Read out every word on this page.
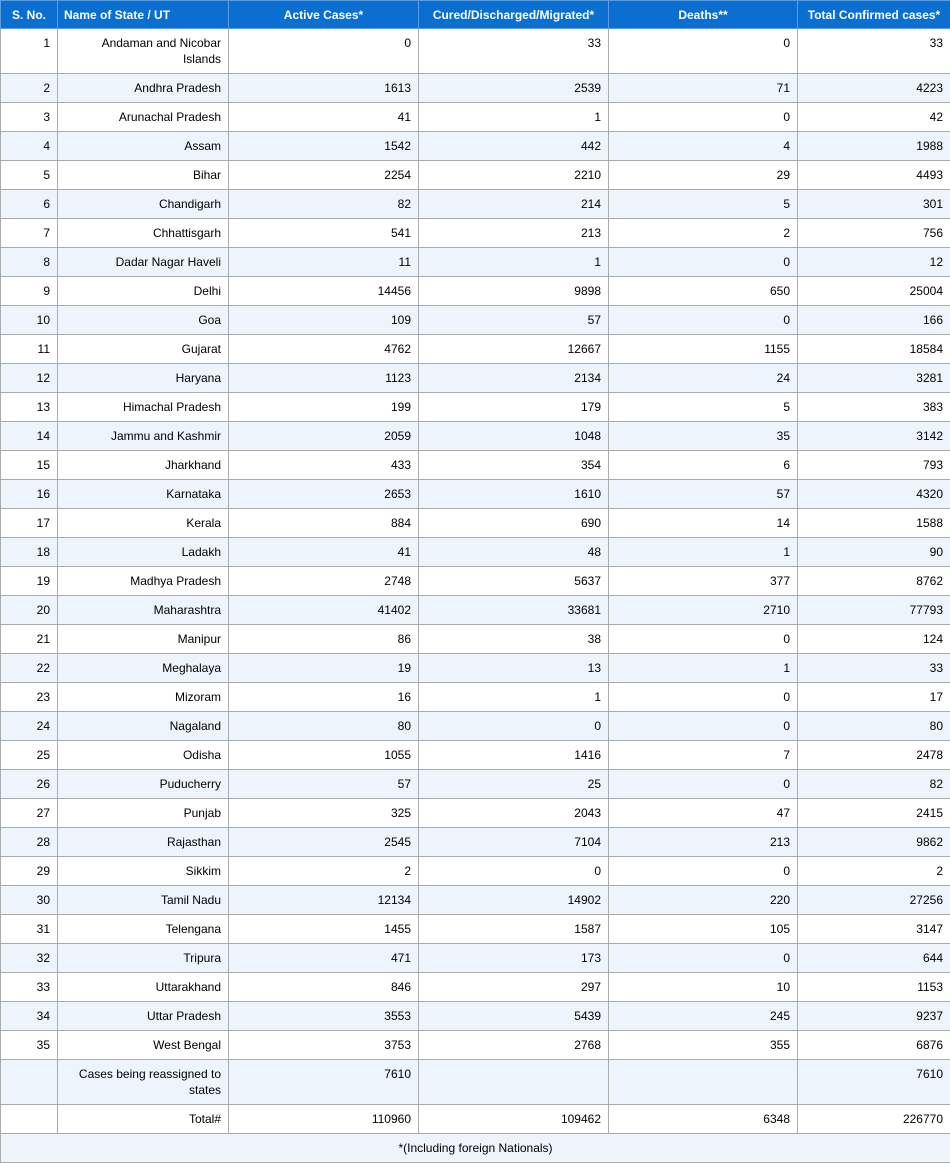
S. No.	Name of State / UT	Active Cases*	Cured/Discharged/Migrated*	Deaths**	Total Confirmed cases*
1	Andaman and Nicobar Islands	0	33	0	33
2	Andhra Pradesh	1613	2539	71	4223
3	Arunachal Pradesh	41	1	0	42
4	Assam	1542	442	4	1988
5	Bihar	2254	2210	29	4493
6	Chandigarh	82	214	5	301
7	Chhattisgarh	541	213	2	756
8	Dadar Nagar Haveli	11	1	0	12
9	Delhi	14456	9898	650	25004
10	Goa	109	57	0	166
11	Gujarat	4762	12667	1155	18584
12	Haryana	1123	2134	24	3281
13	Himachal Pradesh	199	179	5	383
14	Jammu and Kashmir	2059	1048	35	3142
15	Jharkhand	433	354	6	793
16	Karnataka	2653	1610	57	4320
17	Kerala	884	690	14	1588
18	Ladakh	41	48	1	90
19	Madhya Pradesh	2748	5637	377	8762
20	Maharashtra	41402	33681	2710	77793
21	Manipur	86	38	0	124
22	Meghalaya	19	13	1	33
23	Mizoram	16	1	0	17
24	Nagaland	80	0	0	80
25	Odisha	1055	1416	7	2478
26	Puducherry	57	25	0	82
27	Punjab	325	2043	47	2415
28	Rajasthan	2545	7104	213	9862
29	Sikkim	2	0	0	2
30	Tamil Nadu	12134	14902	220	27256
31	Telengana	1455	1587	105	3147
32	Tripura	471	173	0	644
33	Uttarakhand	846	297	10	1153
34	Uttar Pradesh	3553	5439	245	9237
35	West Bengal	3753	2768	355	6876
	Cases being reassigned to states	7610			7610
	Total#	110960	109462	6348	226770
*(Including foreign Nationals)					
